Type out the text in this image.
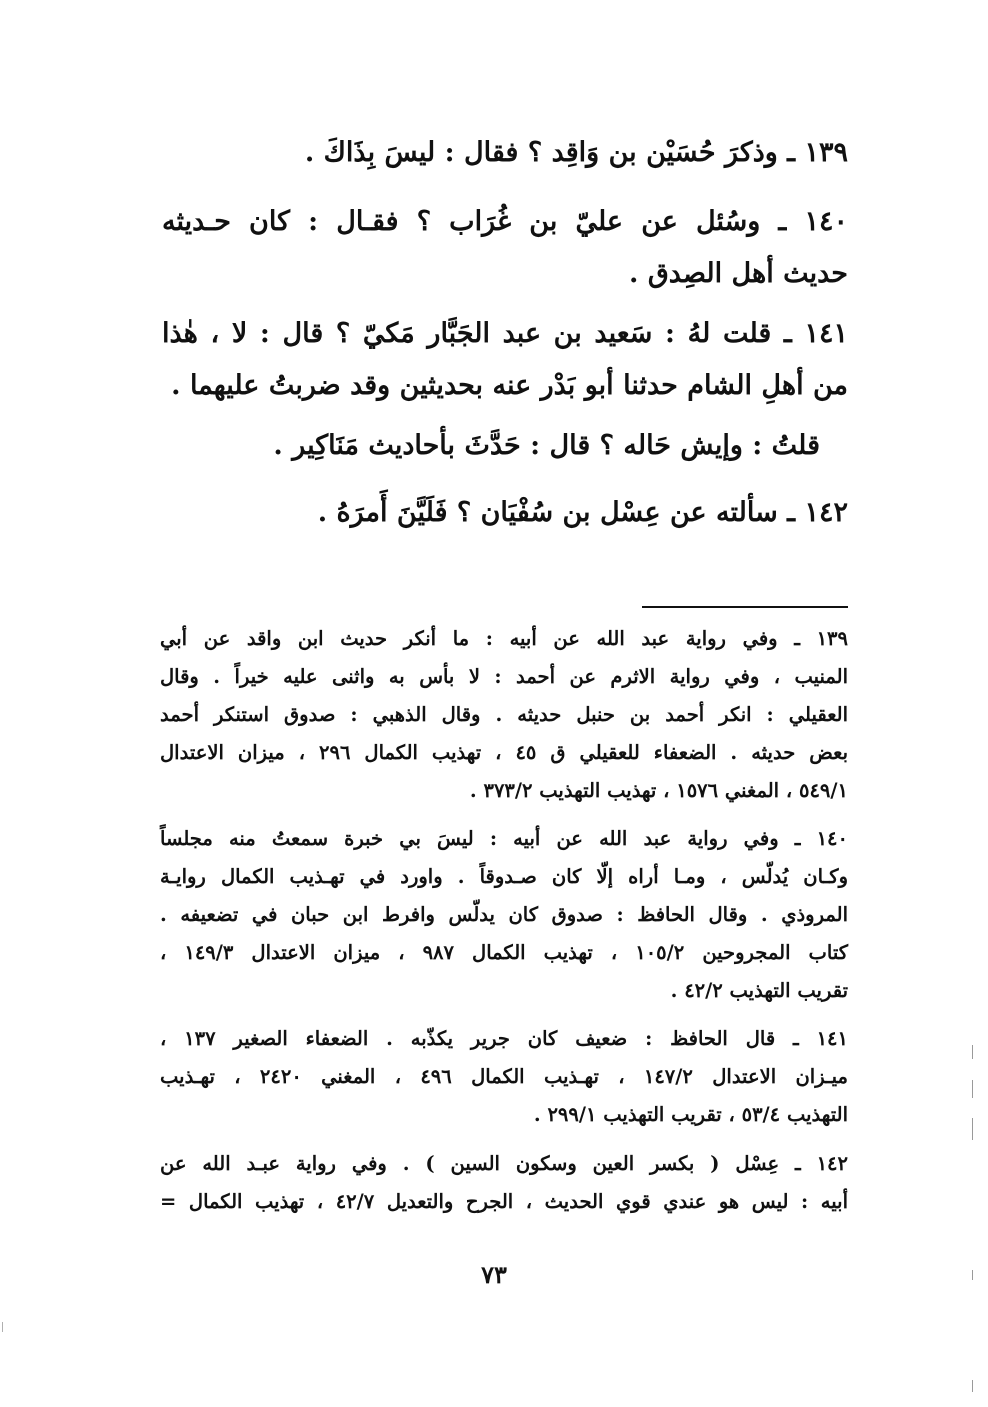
١٣٩ ـ وذكرَ حُسَيْن بن وَاقِد ؟ فقال : ليسَ بِذَاكَ .
١٤٠ ـ وسُئل عن عليّ بن غُرَاب ؟ فقـال : كان حـديثه
حديث أهل الصِدق .
١٤١ ـ قلت لهُ : سَعيد بن عبد الجَبَّار مَكيّ ؟ قال : لا ، هٰذا
من أهلِ الشام حدثنا أبو بَدْر عنه بحديثين وقد ضربتُ عليهما .
قلتُ : وإيش حَاله ؟ قال : حَدَّثَ بأحاديث مَنَاكِير .
١٤٢ ـ سألته عن عِسْل بن سُفْيَان ؟ فَلَيَّنَ أَمرَهُ .
١٣٩ ـ وفي رواية عبد الله عن أبيه : ما أنكر حديث ابن واقد عن أبي
المنيب ، وفي رواية الاثرم عن أحمد : لا بأس به واثنى عليه خيراً . وقال
العقيلي : انكر أحمد بن حنبل حديثه . وقال الذهبي : صدوق استنكر أحمد
بعض حديثه . الضعفاء للعقيلي ق ٤٥ ، تهذيب الكمال ٢٩٦ ، ميزان الاعتدال
٥٤٩/١ ، المغني ١٥٧٦ ، تهذيب التهذيب ٣٧٣/٢ .
١٤٠ ـ وفي رواية عبد الله عن أبيه : ليسَ بي خبرة سمعتُ منه مجلساً
وكـان يُدلّس ، ومـا أراه إلّا كان صـدوقاً . واورد في تهـذيب الكمال روايـة
المروذي . وقال الحافظ : صدوق كان يدلّس وافرط ابن حبان في تضعيفه .
كتاب المجروحين ١٠٥/٢ ، تهذيب الكمال ٩٨٧ ، ميزان الاعتدال ١٤٩/٣ ،
تقريب التهذيب ٤٢/٢ .
١٤١ ـ قال الحافظ : ضعيف كان جرير يكذّبه . الضعفاء الصغير ١٣٧ ،
ميـزان الاعتدال ١٤٧/٢ ، تهـذيب الكمال ٤٩٦ ، المغني ٢٤٢٠ ، تهـذيب
التهذيب ٥٣/٤ ، تقريب التهذيب ٢٩٩/١ .
١٤٢ ـ عِسْل ( بكسر العين وسكون السين ) . وفي رواية عبـد الله عن
أبيه : ليس هو عندي قوي الحديث ، الجرح والتعديل ٤٢/٧ ، تهذيب الكمال =
٧٣
